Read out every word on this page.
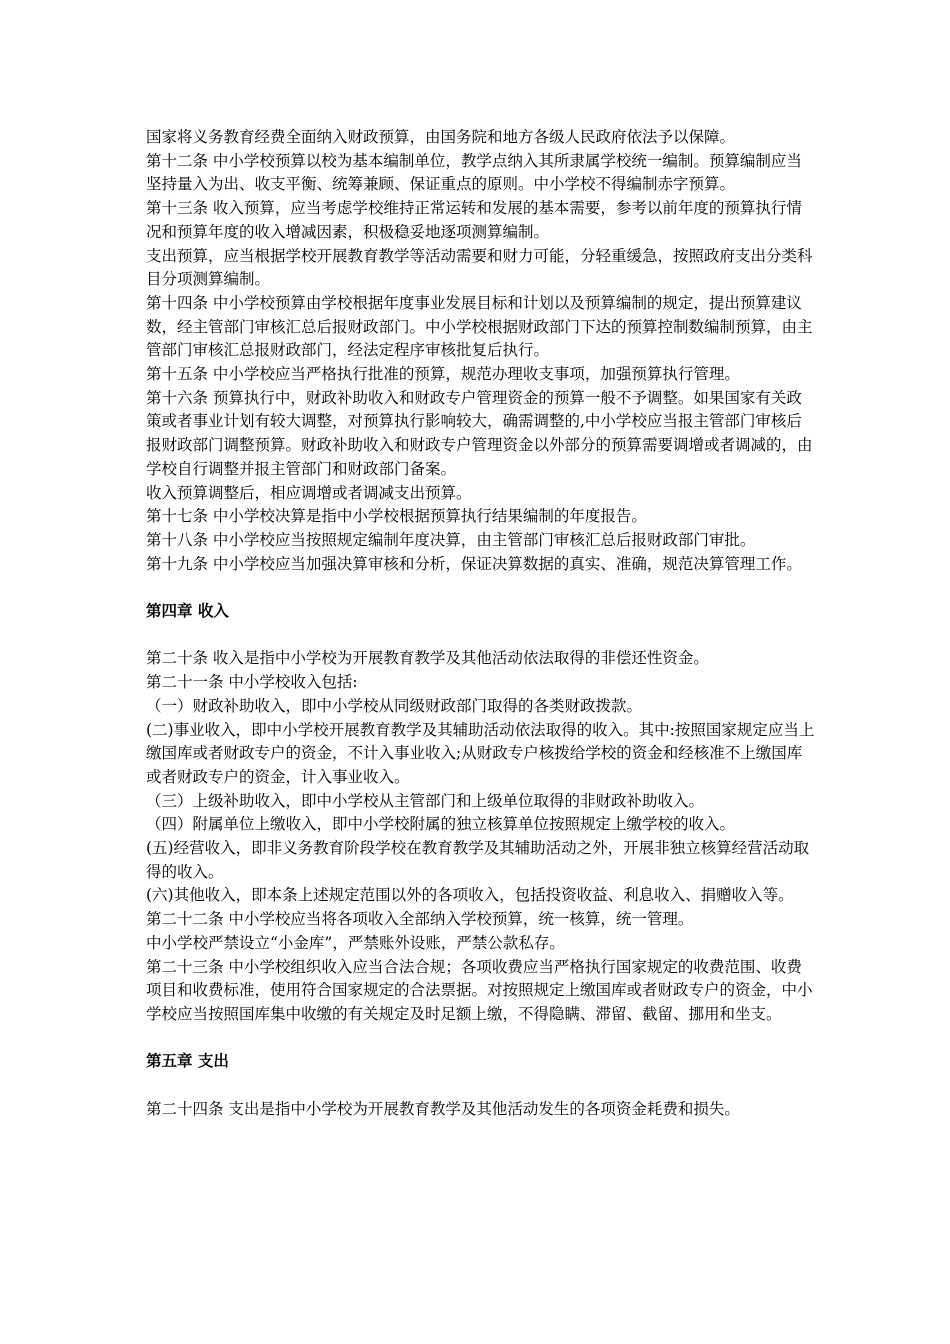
国家将义务教育经费全面纳入财政预算，由国务院和地方各级人民政府依法予以保障。

第十二条 中小学校预算以校为基本编制单位，教学点纳入其所隶属学校统一编制。预算编制应当坚持量入为出、收支平衡、统筹兼顾、保证重点的原则。中小学校不得编制赤字预算。

第十三条 收入预算，应当考虑学校维持正常运转和发展的基本需要，参考以前年度的预算执行情况和预算年度的收入增减因素，积极稳妥地逐项测算编制。

支出预算，应当根据学校开展教育教学等活动需要和财力可能，分轻重缓急，按照政府支出分类科目分项测算编制。

第十四条 中小学校预算由学校根据年度事业发展目标和计划以及预算编制的规定，提出预算建议数，经主管部门审核汇总后报财政部门。中小学校根据财政部门下达的预算控制数编制预算，由主管部门审核汇总报财政部门，经法定程序审核批复后执行。

第十五条 中小学校应当严格执行批准的预算，规范办理收支事项，加强预算执行管理。

第十六条 预算执行中，财政补助收入和财政专户管理资金的预算一般不予调整。如果国家有关政策或者事业计划有较大调整，对预算执行影响较大，确需调整的,中小学校应当报主管部门审核后报财政部门调整预算。财政补助收入和财政专户管理资金以外部分的预算需要调增或者调减的，由学校自行调整并报主管部门和财政部门备案。

收入预算调整后，相应调增或者调减支出预算。

第十七条 中小学校决算是指中小学校根据预算执行结果编制的年度报告。

第十八条 中小学校应当按照规定编制年度决算，由主管部门审核汇总后报财政部门审批。

第十九条 中小学校应当加强决算审核和分析，保证决算数据的真实、准确，规范决算管理工作。

第四章 收入

第二十条 收入是指中小学校为开展教育教学及其他活动依法取得的非偿还性资金。

第二十一条 中小学校收入包括:

（一）财政补助收入，即中小学校从同级财政部门取得的各类财政拨款。

(二)事业收入，即中小学校开展教育教学及其辅助活动依法取得的收入。其中:按照国家规定应当上缴国库或者财政专户的资金，不计入事业收入;从财政专户核拨给学校的资金和经核准不上缴国库或者财政专户的资金，计入事业收入。

（三）上级补助收入，即中小学校从主管部门和上级单位取得的非财政补助收入。

（四）附属单位上缴收入，即中小学校附属的独立核算单位按照规定上缴学校的收入。

(五)经营收入，即非义务教育阶段学校在教育教学及其辅助活动之外，开展非独立核算经营活动取得的收入。

(六)其他收入，即本条上述规定范围以外的各项收入，包括投资收益、利息收入、捐赠收入等。

第二十二条 中小学校应当将各项收入全部纳入学校预算，统一核算，统一管理。

中小学校严禁设立“小金库”，严禁账外设账，严禁公款私存。

第二十三条 中小学校组织收入应当合法合规；各项收费应当严格执行国家规定的收费范围、收费项目和收费标准，使用符合国家规定的合法票据。对按照规定上缴国库或者财政专户的资金，中小学校应当按照国库集中收缴的有关规定及时足额上缴，不得隐瞒、滞留、截留、挪用和坐支。

第五章 支出

第二十四条 支出是指中小学校为开展教育教学及其他活动发生的各项资金耗费和损失。
